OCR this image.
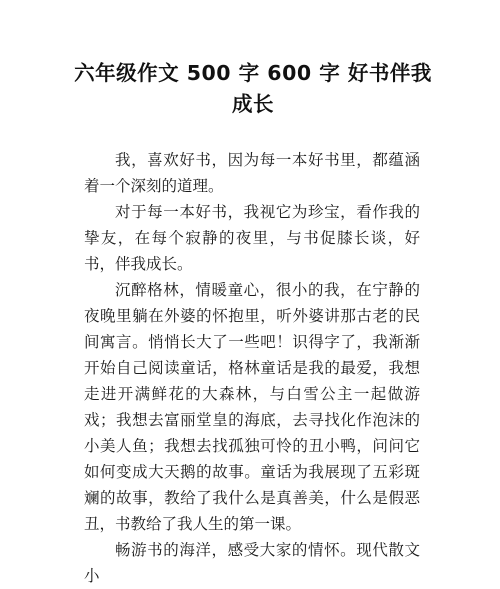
六年级作文 500 字 600 字 好书伴我成长

我，喜欢好书，因为每一本好书里，都蕴涵着一个深刻的道理。

对于每一本好书，我视它为珍宝，看作我的挚友，在每个寂静的夜里，与书促膝长谈，好书，伴我成长。

沉醉格林，情暖童心，很小的我，在宁静的夜晚里躺在外婆的怀抱里，听外婆讲那古老的民间寓言。悄悄长大了一些吧！识得字了，我渐渐开始自己阅读童话，格林童话是我的最爱，我想走进开满鲜花的大森林，与白雪公主一起做游戏；我想去富丽堂皇的海底，去寻找化作泡沫的小美人鱼；我想去找孤独可怜的丑小鸭，问问它如何变成大天鹅的故事。童话为我展现了五彩斑斓的故事，教给了我什么是真善美，什么是假恶丑，书教给了我人生的第一课。

畅游书的海洋，感受大家的情怀。现代散文小
